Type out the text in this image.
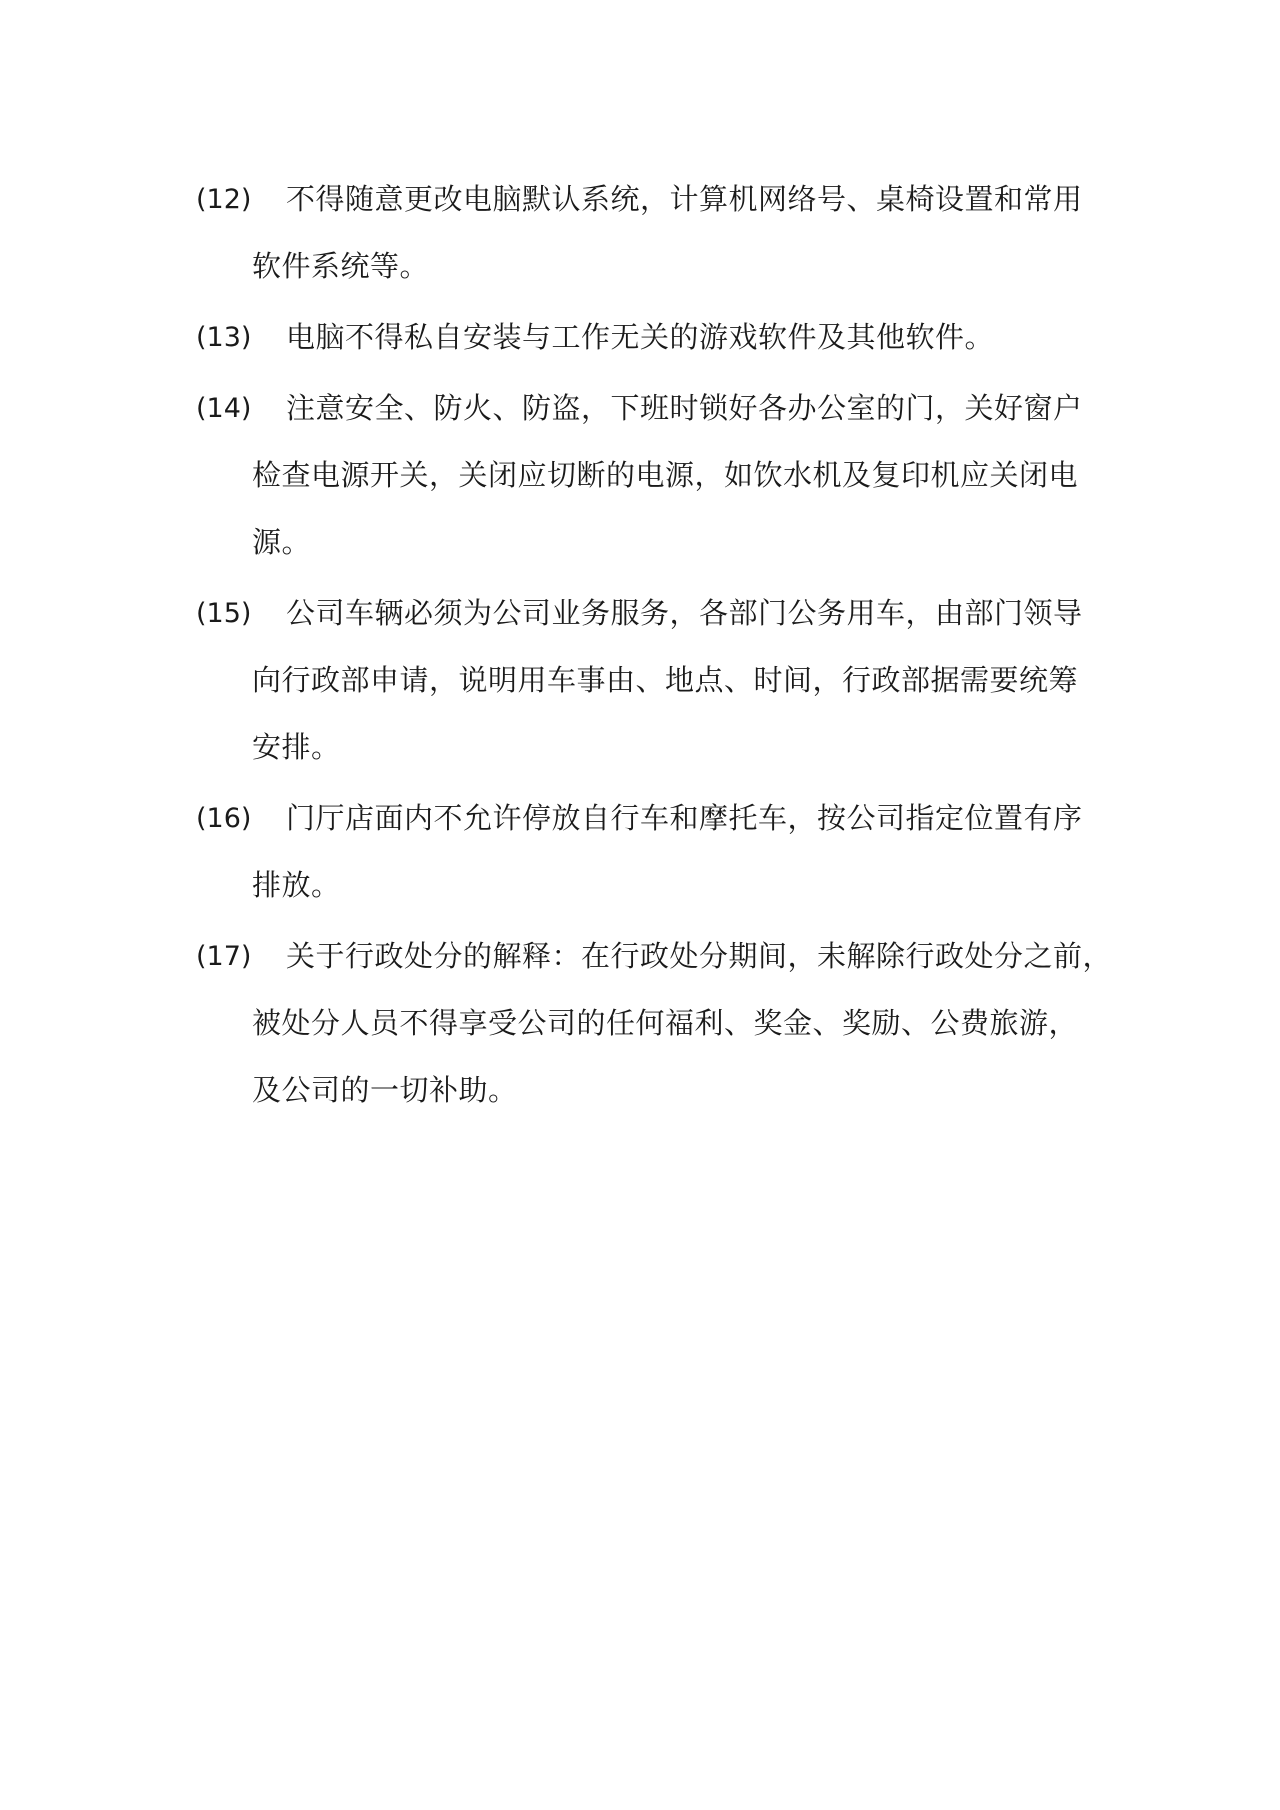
(12)	不得随意更改电脑默认系统，计算机网络号、桌椅设置和常用
软件系统等。
(13)	电脑不得私自安装与工作无关的游戏软件及其他软件。
(14)	注意安全、防火、防盗，下班时锁好各办公室的门，关好窗户
检查电源开关，关闭应切断的电源，如饮水机及复印机应关闭电
源。
(15)	公司车辆必须为公司业务服务，各部门公务用车，由部门领导
向行政部申请，说明用车事由、地点、时间，行政部据需要统筹
安排。
(16)	门厅店面内不允许停放自行车和摩托车，按公司指定位置有序
排放。
(17)	关于行政处分的解释：在行政处分期间，未解除行政处分之前，
被处分人员不得享受公司的任何福利、奖金、奖励、公费旅游，
及公司的一切补助。
